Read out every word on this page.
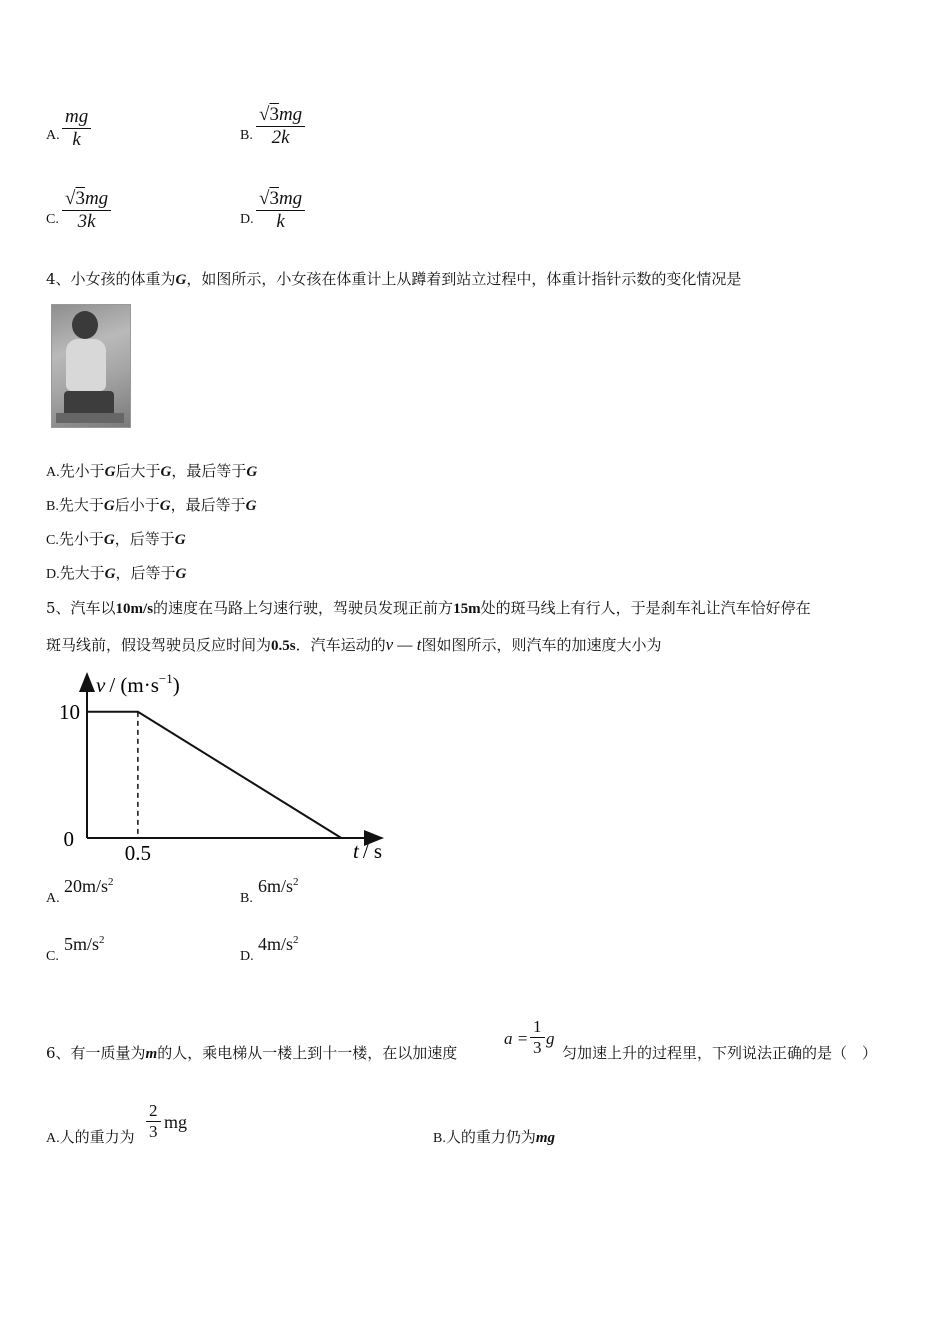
A. $\frac{mg}{k}$	B. $\frac{√3mg}{2k}$
C. $\frac{√3mg}{3k}$	D. $\frac{√3mg}{k}$
4、小女孩的体重为G，如图所示，小女孩在体重计上从蹲着到站立过程中，体重计指针示数的变化情况是
A.先小于G后大于G，最后等于G
B.先大于G后小于G，最后等于G
C.先小于G，后等于G
D.先大于G，后等于G
5、汽车以10m/s的速度在马路上匀速行驶，驾驶员发现正前方15m处的斑马线上有行人，于是刹车礼让汽车恰好停在
斑马线前，假设驾驶员反应时间为0.5s．汽车运动的v — t图如图所示，则汽车的加速度大小为
10
0
0.5
$v / (m\cdot s^{-1})$
t / s
A.
$20m/s^2$
B.
$6m/s^2$
C.
$5m/s^2$
D.
$4m/s^2$
6、有一质量为m的人，乘电梯从一楼上到十一楼，在以加速度
$a = \frac{1}{3}$ g
匀加速上升的过程里，下列说法正确的是（　）
A.人的重力为 $\frac{2}{3}$ mg
B.人的重力仍为mg
